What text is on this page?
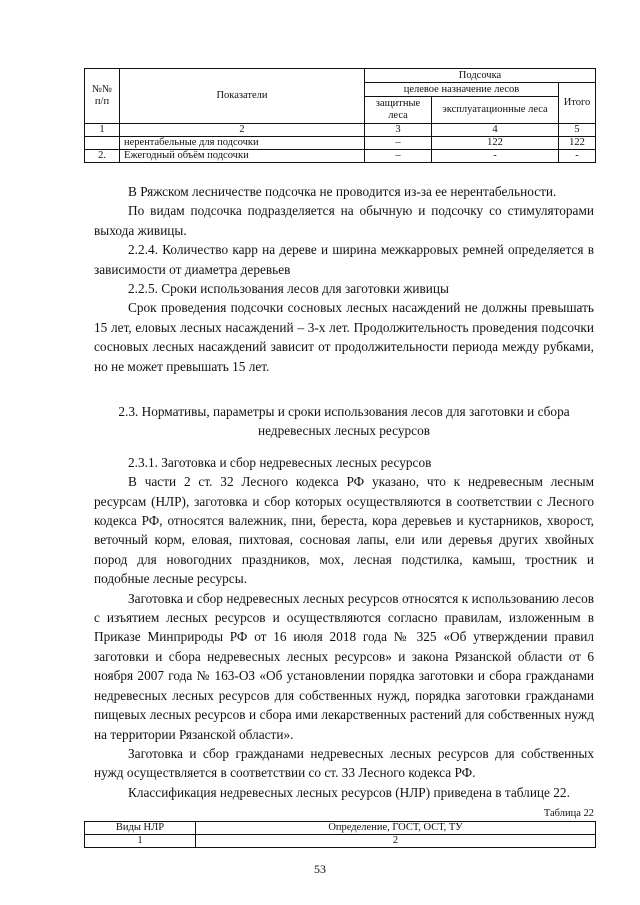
№№
п/п	Показатели	Подсочка		
		целевое назначение лесов		Итого
		защитные леса	эксплуатационные леса	
1	2	3	4	5
	нерентабельные для подсочки	–	122	122
2.	Ежегодный объём подсочки	–	-	-

В Ряжском лесничестве подсочка не проводится из-за ее нерентабельности.

По видам подсочка подразделяется на обычную и подсочку со стимуляторами выхода живицы.

2.2.4. Количество карр на дереве и ширина межкарровых ремней определяется в зависимости от диаметра деревьев

2.2.5. Сроки использования лесов для заготовки живицы

Срок проведения подсочки сосновых лесных насаждений не должны превышать 15 лет, еловых лесных насаждений – 3-х лет. Продолжительность проведения подсочки сосновых лесных насаждений зависит от продолжительности периода между рубками, но не может превышать 15 лет.

2.3. Нормативы, параметры и сроки использования лесов для заготовки и сбора недревесных лесных ресурсов

2.3.1. Заготовка и сбор недревесных лесных ресурсов

В части 2 ст. 32 Лесного кодекса РФ указано, что к недревесным лесным ресурсам (НЛР), заготовка и сбор которых осуществляются в соответствии с Лесного кодекса РФ, относятся валежник, пни, береста, кора деревьев и кустарников, хворост, веточный корм, еловая, пихтовая, сосновая лапы, ели или деревья других хвойных пород для новогодних праздников, мох, лесная подстилка, камыш, тростник и подобные лесные ресурсы.

Заготовка и сбор недревесных лесных ресурсов относятся к использованию лесов с изъятием лесных ресурсов и осуществляются согласно правилам, изложенным в Приказе Минприроды РФ от 16 июля 2018 года № 325 «Об утверждении правил заготовки и сбора недревесных лесных ресурсов» и закона Рязанской области от 6 ноября 2007 года № 163-ОЗ «Об установлении порядка заготовки и сбора гражданами недревесных лесных ресурсов для собственных нужд, порядка заготовки гражданами пищевых лесных ресурсов и сбора ими лекарственных растений для собственных нужд на территории Рязанской области».

Заготовка и сбор гражданами недревесных лесных ресурсов для собственных нужд осуществляется в соответствии со ст. 33 Лесного кодекса РФ.

Классификация недревесных лесных ресурсов (НЛР) приведена в таблице 22.

Таблица 22
Виды НЛР	Определение, ГОСТ, ОСТ, ТУ
1	2
53
